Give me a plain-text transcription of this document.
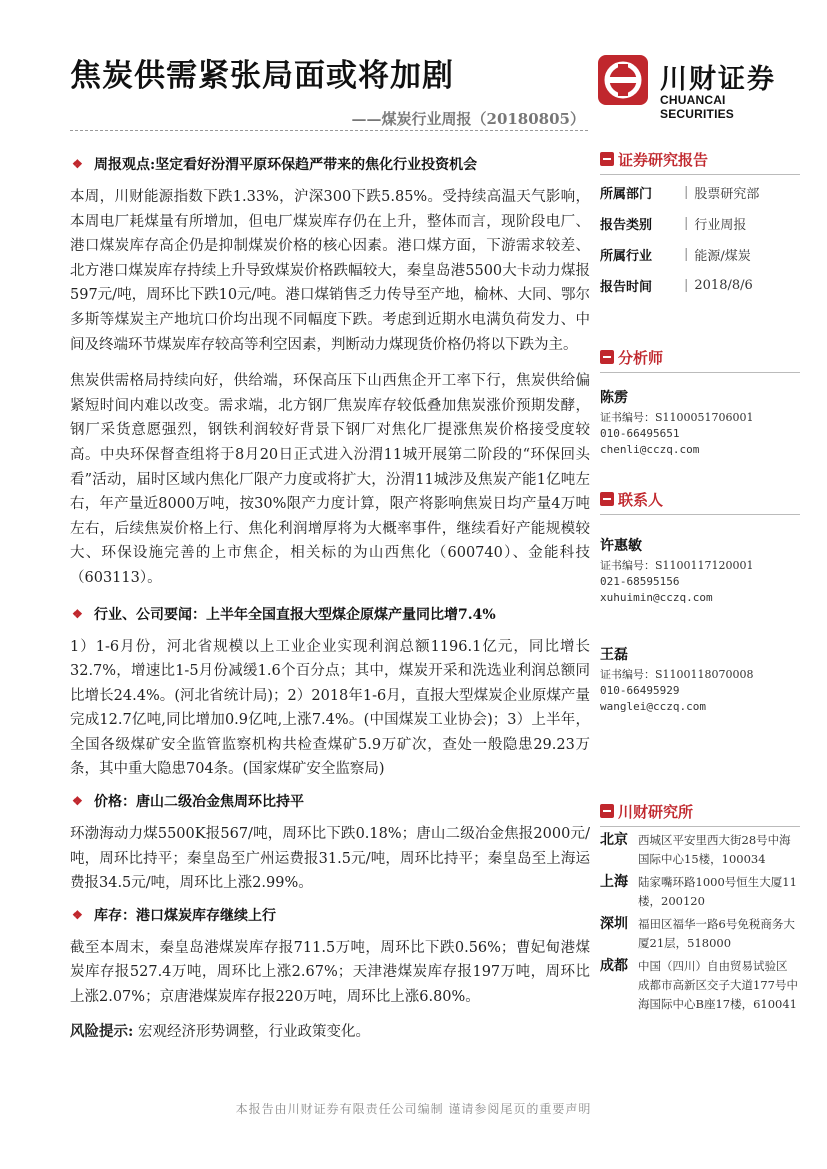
焦炭供需紧张局面或将加剧
——煤炭行业周报（20180805）
川财证券
CHUANCAI SECURITIES
❖ 周报观点:坚定看好汾渭平原环保趋严带来的焦化行业投资机会

本周，川财能源指数下跌1.33%，沪深300下跌5.85%。受持续高温天气影响，本周电厂耗煤量有所增加，但电厂煤炭库存仍在上升，整体而言，现阶段电厂、港口煤炭库存高企仍是抑制煤炭价格的核心因素。港口煤方面，下游需求较差、北方港口煤炭库存持续上升导致煤炭价格跌幅较大，秦皇岛港5500大卡动力煤报597元/吨，周环比下跌10元/吨。港口煤销售乏力传导至产地，榆林、大同、鄂尔多斯等煤炭主产地坑口价均出现不同幅度下跌。考虑到近期水电满负荷发力、中间及终端环节煤炭库存较高等利空因素，判断动力煤现货价格仍将以下跌为主。

焦炭供需格局持续向好，供给端，环保高压下山西焦企开工率下行，焦炭供给偏紧短时间内难以改变。需求端，北方钢厂焦炭库存较低叠加焦炭涨价预期发酵，钢厂采货意愿强烈，钢铁利润较好背景下钢厂对焦化厂提涨焦炭价格接受度较高。中央环保督查组将于8月20日正式进入汾渭11城开展第二阶段的“环保回头看”活动，届时区域内焦化厂限产力度或将扩大，汾渭11城涉及焦炭产能1亿吨左右，年产量近8000万吨，按30%限产力度计算，限产将影响焦炭日均产量4万吨左右，后续焦炭价格上行、焦化利润增厚将为大概率事件，继续看好产能规模较大、环保设施完善的上市焦企，相关标的为山西焦化（600740）、金能科技（603113）。

❖ 行业、公司要闻：上半年全国直报大型煤企原煤产量同比增7.4%

1）1-6月份，河北省规模以上工业企业实现利润总额1196.1亿元，同比增长32.7%，增速比1-5月份减缓1.6个百分点；其中，煤炭开采和洗选业利润总额同比增长24.4%。(河北省统计局)；2）2018年1-6月，直报大型煤炭企业原煤产量完成12.7亿吨,同比增加0.9亿吨,上涨7.4%。(中国煤炭工业协会)；3）上半年，全国各级煤矿安全监管监察机构共检查煤矿5.9万矿次，查处一般隐患29.23万条，其中重大隐患704条。(国家煤矿安全监察局)

❖ 价格：唐山二级冶金焦周环比持平

环渤海动力煤5500K报567/吨，周环比下跌0.18%；唐山二级冶金焦报2000元/吨，周环比持平；秦皇岛至广州运费报31.5元/吨，周环比持平；秦皇岛至上海运费报34.5元/吨，周环比上涨2.99%。

❖ 库存：港口煤炭库存继续上行

截至本周末，秦皇岛港煤炭库存报711.5万吨，周环比下跌0.56%；曹妃甸港煤炭库存报527.4万吨，周环比上涨2.67%；天津港煤炭库存报197万吨，周环比上涨2.07%；京唐港煤炭库存报220万吨，周环比上涨6.80%。

风险提示: 宏观经济形势调整，行业政策变化。
证券研究报告
所属部门	| 股票研究部
报告类别	| 行业周报
所属行业	| 能源/煤炭
报告时间	| 2018/8/6
分析师
陈雳
证书编号：S1100051706001
010-66495651
chenli@cczq.com
联系人
许惠敏
证书编号：S1100117120001
021-68595156
xuhuimin@cczq.com
王磊
证书编号：S1100118070008
010-66495929
wanglei@cczq.com
川财研究所
北京 西城区平安里西大街28号中海国际中心15楼，100034
上海 陆家嘴环路1000号恒生大厦11楼，200120
深圳 福田区福华一路6号免税商务大厦21层，518000
成都 中国（四川）自由贸易试验区成都市高新区交子大道177号中海国际中心B座17楼，610041
本报告由川财证券有限责任公司编制 谨请参阅尾页的重要声明
